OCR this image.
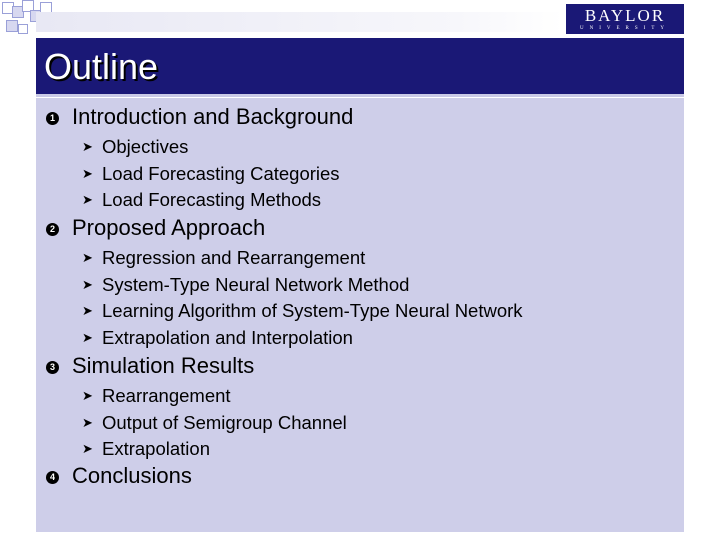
BAYLOR
UNIVERSITY
Outline
1 Introduction and Background
➤ Objectives
➤ Load Forecasting Categories
➤ Load Forecasting Methods
2 Proposed Approach
➤ Regression and Rearrangement
➤ System-Type Neural Network Method
➤ Learning Algorithm of System-Type Neural Network
➤ Extrapolation and Interpolation
3 Simulation Results
➤ Rearrangement
➤ Output of Semigroup Channel
➤ Extrapolation
4 Conclusions
